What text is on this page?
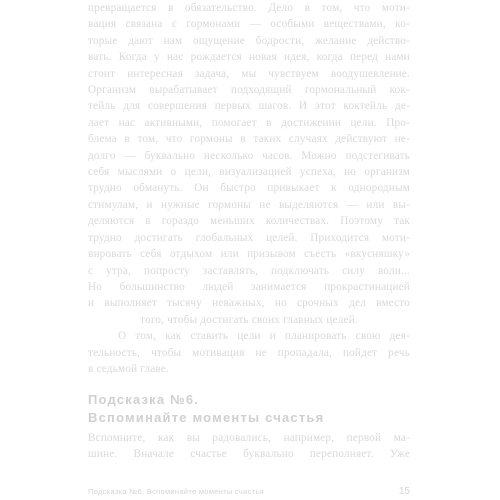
превращается в обязательство. Дело в том, что моти-
вация связана с гормонами — особыми веществами, ко-
торые дают нам ощущение бодрости, желание действо-
вать. Когда у нас рождается новая идея, когда перед нами
стоит интересная задача, мы чувствуем воодушевление.
Организм вырабатывает подходящий гормональный кок-
тейль для совершения первых шагов. И этот коктейль де-
лает нас активными, помогает в достижении цели. Про-
блема в том, что гормоны в таких случаях действуют не-
долго — буквально несколько часов. Можно подстегивать
себя мыслями о цели, визуализацией успеха, но организм
трудно обмануть. Он быстро привыкает к однородным
стимулам, и нужные гормоны не выделяются — или вы-
деляются в гораздо меньших количествах. Поэтому так
трудно достигать глобальных целей. Приходится моти-
вировать себя отдыхом или призывом съесть «вкусняшку»
с утра, попросту заставлять, подключать силу воли...
Но большинство людей занимается прокрастинацией
и выполняет тысячу неважных, но срочных дел вместо
того, чтобы достигать своих главных целей.
О том, как ставить цели и планировать свою дея-
тельность, чтобы мотивация не пропадала, пойдет речь
в седьмой главе.
Подсказка №6.
Вспоминайте моменты счастья
Вспомните, как вы радовались, например, первой ма-
шине. Вначале счастье буквально переполняет. Уже
Подсказка №6. Вспоминайте моменты счастья	15
